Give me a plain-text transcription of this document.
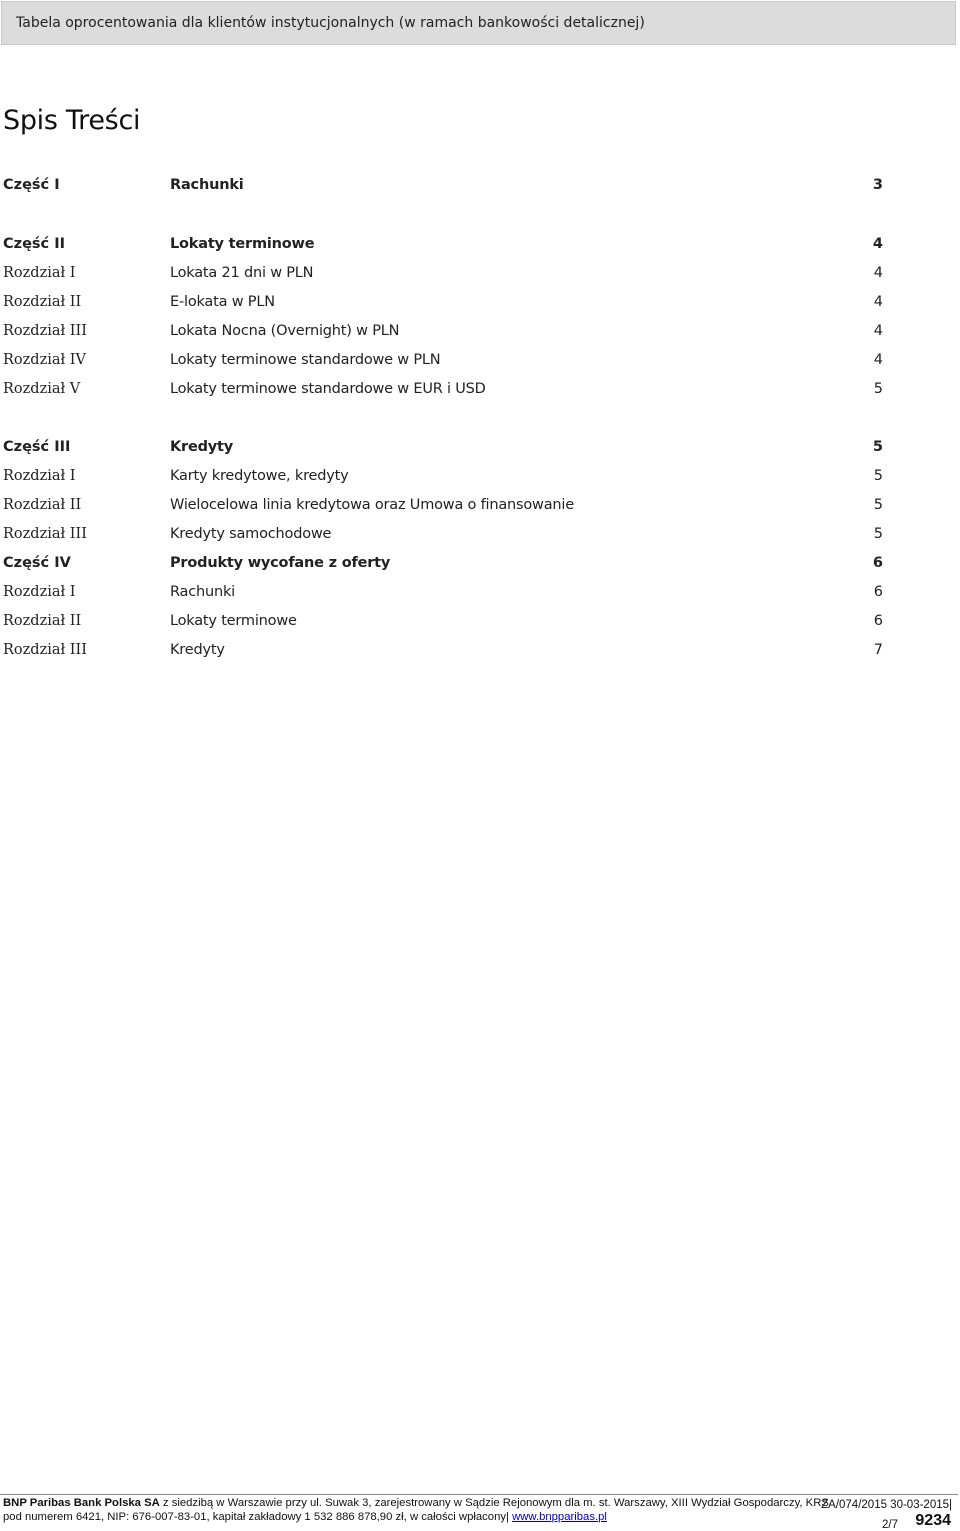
Tabela oprocentowania dla klientów instytucjonalnych (w ramach bankowości detalicznej)
Spis Treści
Część I	Rachunki	3
Część II	Lokaty terminowe	4
Rozdział I	Lokata 21 dni w PLN	4
Rozdział II	E-lokata w PLN	4
Rozdział III	Lokata Nocna (Overnight) w PLN	4
Rozdział IV	Lokaty terminowe standardowe w PLN	4
Rozdział V	Lokaty terminowe standardowe w EUR i USD	5
Część III	Kredyty	5
Rozdział I	Karty kredytowe, kredyty	5
Rozdział II	Wielocelowa linia kredytowa oraz Umowa o finansowanie	5
Rozdział III	Kredyty samochodowe	5
Część IV	Produkty wycofane z oferty	6
Rozdział I	Rachunki	6
Rozdział II	Lokaty terminowe	6
Rozdział III	Kredyty	7
BNP Paribas Bank Polska SA z siedzibą w Warszawie przy ul. Suwak 3, zarejestrowany w Sądzie Rejonowym dla m. st. Warszawy, XIII Wydział Gospodarczy, KRS
pod numerem 6421, NIP: 676-007-83-01, kapitał zakładowy 1 532 886 878,90 zł, w całości wpłacony| www.bnpparibas.pl
ZA/074/2015 30-03-2015|
2/7 9234
